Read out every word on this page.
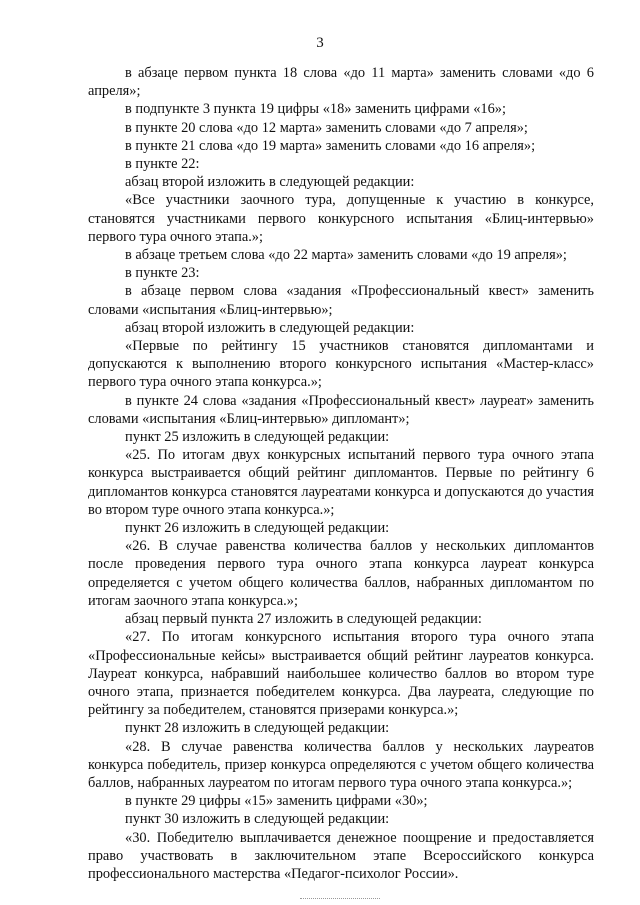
3

в абзаце первом пункта 18 слова «до 11 марта» заменить словами «до 6 апреля»;

в подпункте 3 пункта 19 цифры «18» заменить цифрами «16»;

в пункте 20 слова «до 12 марта» заменить словами «до 7 апреля»;

в пункте 21 слова «до 19 марта» заменить словами «до 16 апреля»;

в пункте 22:

абзац второй изложить в следующей редакции:

«Все участники заочного тура, допущенные к участию в конкурсе, становятся участниками первого конкурсного испытания «Блиц-интервью» первого тура очного этапа.»;

в абзаце третьем слова «до 22 марта» заменить словами «до 19 апреля»;

в пункте 23:

в абзаце первом слова «задания «Профессиональный квест» заменить словами «испытания «Блиц-интервью»;

абзац второй изложить в следующей редакции:

«Первые по рейтингу 15 участников становятся дипломантами и допускаются к выполнению второго конкурсного испытания «Мастер-класс» первого тура очного этапа конкурса.»;

в пункте 24 слова «задания «Профессиональный квест» лауреат» заменить словами «испытания «Блиц-интервью» дипломант»;

пункт 25 изложить в следующей редакции:

«25. По итогам двух конкурсных испытаний первого тура очного этапа конкурса выстраивается общий рейтинг дипломантов. Первые по рейтингу 6 дипломантов конкурса становятся лауреатами конкурса и допускаются до участия во втором туре очного этапа конкурса.»;

пункт 26 изложить в следующей редакции:

«26. В случае равенства количества баллов у нескольких дипломантов после проведения первого тура очного этапа конкурса лауреат конкурса определяется с учетом общего количества баллов, набранных дипломантом по итогам заочного этапа конкурса.»;

абзац первый пункта 27 изложить в следующей редакции:

«27. По итогам конкурсного испытания второго тура очного этапа «Профессиональные кейсы» выстраивается общий рейтинг лауреатов конкурса. Лауреат конкурса, набравший наибольшее количество баллов во втором туре очного этапа, признается победителем конкурса. Два лауреата, следующие по рейтингу за победителем, становятся призерами конкурса.»;

пункт 28 изложить в следующей редакции:

«28. В случае равенства количества баллов у нескольких лауреатов конкурса победитель, призер конкурса определяются с учетом общего количества баллов, набранных лауреатом по итогам первого тура очного этапа конкурса.»;

в пункте 29 цифры «15» заменить цифрами «30»;

пункт 30 изложить в следующей редакции:

«30. Победителю выплачивается денежное поощрение и предоставляется право участвовать в заключительном этапе Всероссийского конкурса профессионального мастерства «Педагог-психолог России».
